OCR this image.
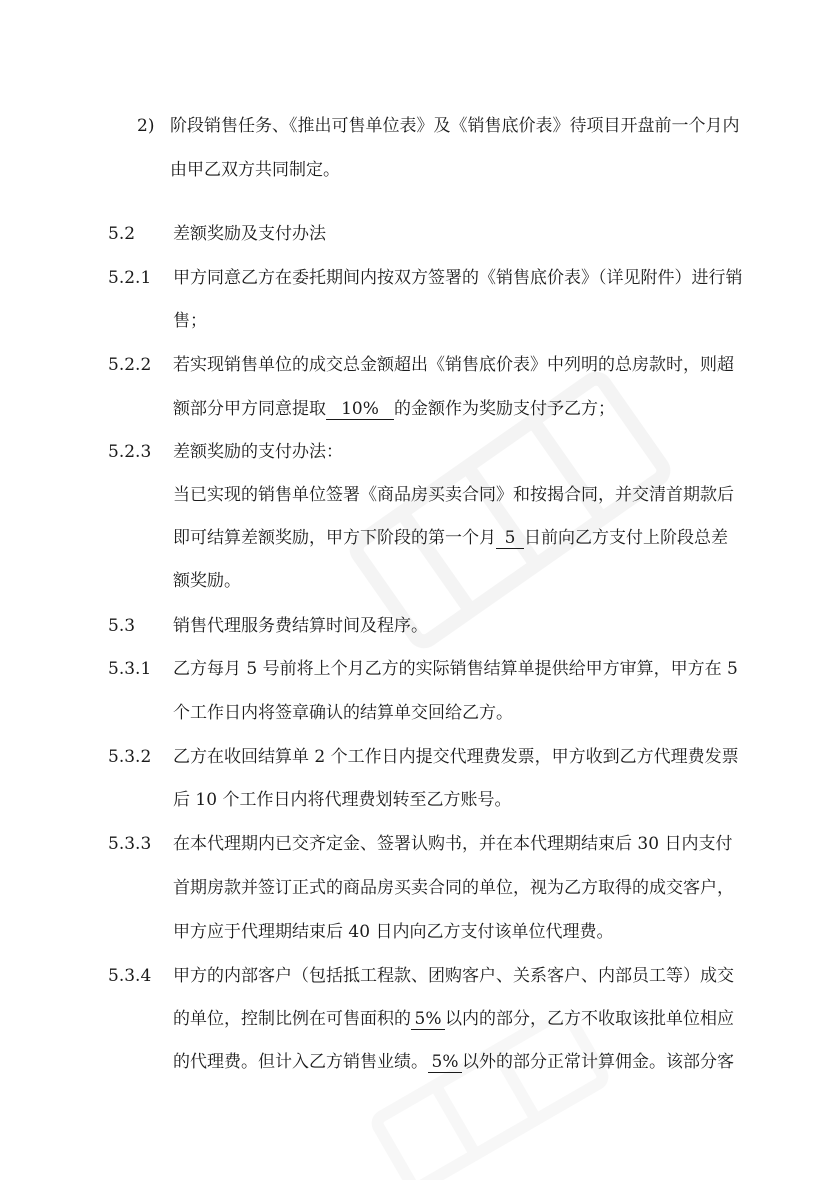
2) 阶段销售任务、《推出可售单位表》及《销售底价表》待项目开盘前一个月内
由甲乙双方共同制定。
5.2 差额奖励及支付办法
5.2.1 甲方同意乙方在委托期间内按双方签署的《销售底价表》（详见附件）进行销
售；
5.2.2 若实现销售单位的成交总金额超出《销售底价表》中列明的总房款时，则超
额部分甲方同意提取 10% 的金额作为奖励支付予乙方；
5.2.3 差额奖励的支付办法：
当已实现的销售单位签署《商品房买卖合同》和按揭合同，并交清首期款后
即可结算差额奖励，甲方下阶段的第一个月 5 日前向乙方支付上阶段总差
额奖励。
5.3 销售代理服务费结算时间及程序。
5.3.1 乙方每月 5 号前将上个月乙方的实际销售结算单提供给甲方审算，甲方在 5
个工作日内将签章确认的结算单交回给乙方。
5.3.2 乙方在收回结算单 2 个工作日内提交代理费发票，甲方收到乙方代理费发票
后 10 个工作日内将代理费划转至乙方账号。
5.3.3 在本代理期内已交齐定金、签署认购书，并在本代理期结束后 30 日内支付
首期房款并签订正式的商品房买卖合同的单位，视为乙方取得的成交客户，
甲方应于代理期结束后 40 日内向乙方支付该单位代理费。
5.3.4 甲方的内部客户（包括抵工程款、团购客户、关系客户、内部员工等）成交
的单位，控制比例在可售面积的 5% 以内的部分，乙方不收取该批单位相应
的代理费。但计入乙方销售业绩。 5% 以外的部分正常计算佣金。该部分客
